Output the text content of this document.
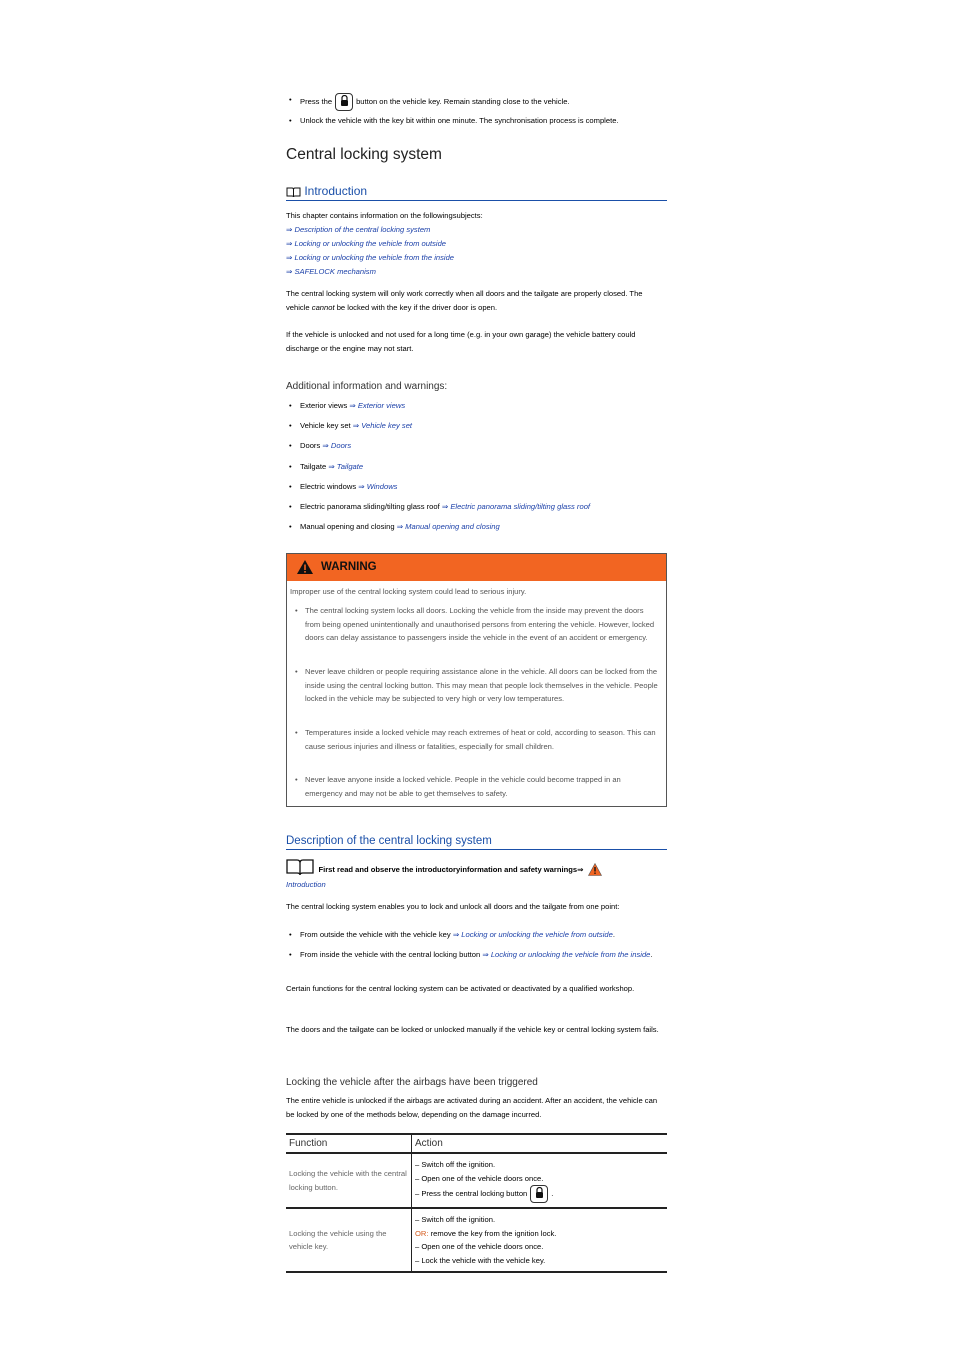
• Press the	button on the vehicle key. Remain standing close to the vehicle.
• Unlock the vehicle with the key bit within one minute. The synchronisation process is complete.
Central locking system
Introduction
This chapter contains information on the followingsubjects:
⇒ Description of the central locking system
⇒ Locking or unlocking the vehicle from outside
⇒ Locking or unlocking the vehicle from the inside
⇒ SAFELOCK mechanism
The central locking system will only work correctly when all doors and the tailgate are properly closed. The vehicle cannot be locked with the key if the driver door is open.
If the vehicle is unlocked and not used for a long time (e.g. in your own garage) the vehicle battery could discharge or the engine may not start.
Additional information and warnings:
• Exterior views ⇒ Exterior views
• Vehicle key set ⇒ Vehicle key set
• Doors ⇒ Doors
• Tailgate ⇒ Tailgate
• Electric windows ⇒ Windows
• Electric panorama sliding/tilting glass roof ⇒ Electric panorama sliding/tilting glass roof
• Manual opening and closing ⇒ Manual opening and closing
WARNING
Improper use of the central locking system could lead to serious injury.
• The central locking system locks all doors. Locking the vehicle from the inside may prevent the doors from being opened unintentionally and unauthorised persons from entering the vehicle. However, locked doors can delay assistance to passengers inside the vehicle in the event of an accident or emergency.
• Never leave children or people requiring assistance alone in the vehicle. All doors can be locked from the inside using the central locking button. This may mean that people lock themselves in the vehicle. People locked in the vehicle may be subjected to very high or very low temperatures.
• Temperatures inside a locked vehicle may reach extremes of heat or cold, according to season. This can cause serious injuries and illness or fatalities, especially for small children.
• Never leave anyone inside a locked vehicle. People in the vehicle could become trapped in an emergency and may not be able to get themselves to safety.
Description of the central locking system
First read and observe the introductoryinformation and safety warnings⇒
Introduction
The central locking system enables you to lock and unlock all doors and the tailgate from one point:
• From outside the vehicle with the vehicle key ⇒ Locking or unlocking the vehicle from outside.
• From inside the vehicle with the central locking button ⇒ Locking or unlocking the vehicle from the inside.
Certain functions for the central locking system can be activated or deactivated by a qualified workshop.
The doors and the tailgate can be locked or unlocked manually if the vehicle key or central locking system fails.
Locking the vehicle after the airbags have been triggered
The entire vehicle is unlocked if the airbags are activated during an accident. After an accident, the vehicle can be locked by one of the methods below, depending on the damage incurred.
Function	Action
Locking the vehicle with the central locking button.	– Switch off the ignition.
– Open one of the vehicle doors once.
– Press the central locking button .

Locking the vehicle using the vehicle key.	– Switch off the ignition.
OR: remove the key from the ignition lock.
– Open one of the vehicle doors once.
– Lock the vehicle with the vehicle key.
